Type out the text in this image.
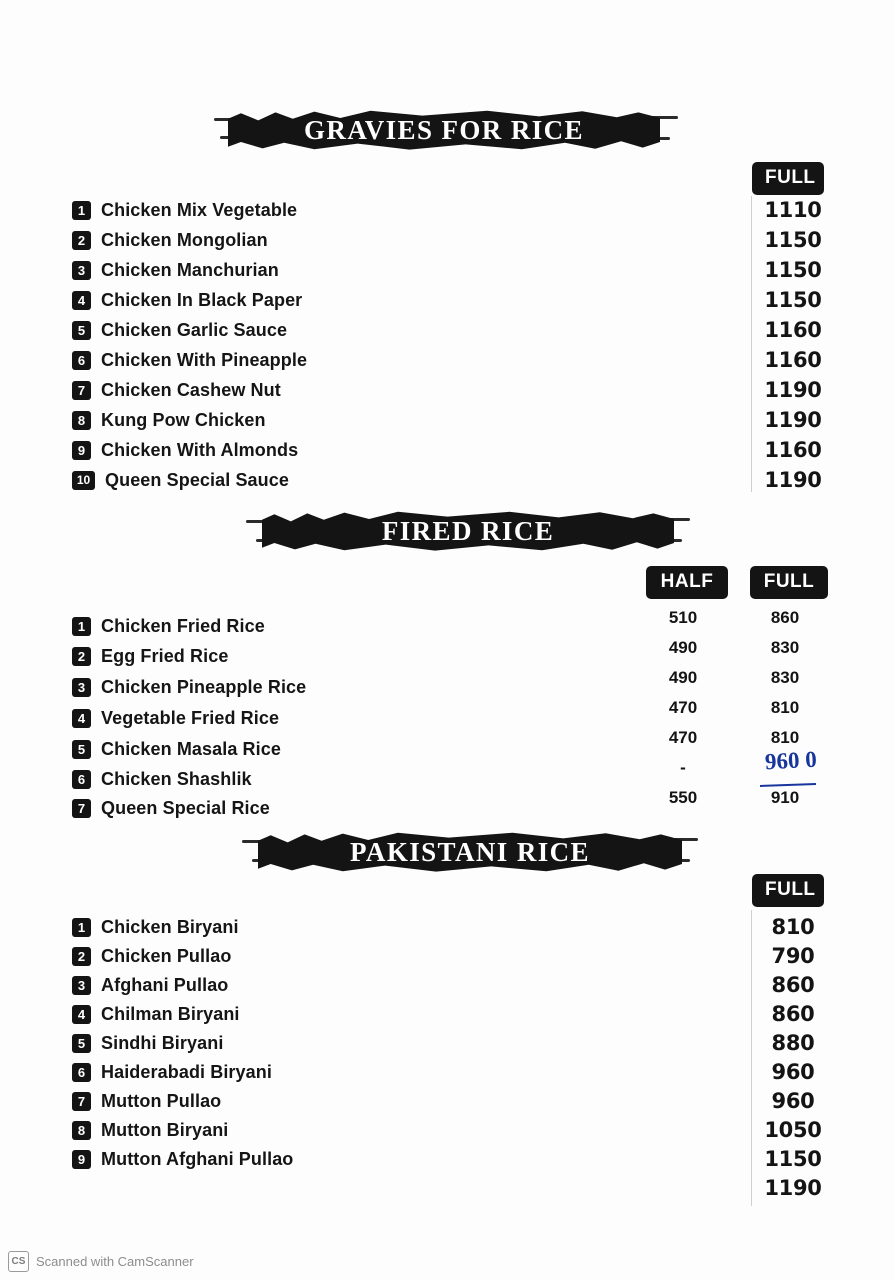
GRAVIES FOR RICE
FULL
1 Chicken Mix Vegetable
2 Chicken Mongolian
3 Chicken Manchurian
4 Chicken In Black Paper
5 Chicken Garlic Sauce
6 Chicken With Pineapple
7 Chicken Cashew Nut
8 Kung Pow Chicken
9 Chicken With Almonds
10 Queen Special Sauce
1110
1150
1150
1150
1160
1160
1190
1190
1160
1190
FIRED RICE
HALF	FULL
1 Chicken Fried Rice
2 Egg Fried Rice
3 Chicken Pineapple Rice
4 Vegetable Fried Rice
5 Chicken Masala Rice
6 Chicken Shashlik
7 Queen Special Rice
510
490
490
470
470
-
550
860
830
830
810
810
910
960 0
PAKISTANI RICE
FULL
1 Chicken Biryani
2 Chicken Pullao
3 Afghani Pullao
4 Chilman Biryani
5 Sindhi Biryani
6 Haiderabadi Biryani
7 Mutton Pullao
8 Mutton Biryani
9 Mutton Afghani Pullao
810
790
860
860
880
960
960
1050
1150
1190
CS Scanned with CamScanner
